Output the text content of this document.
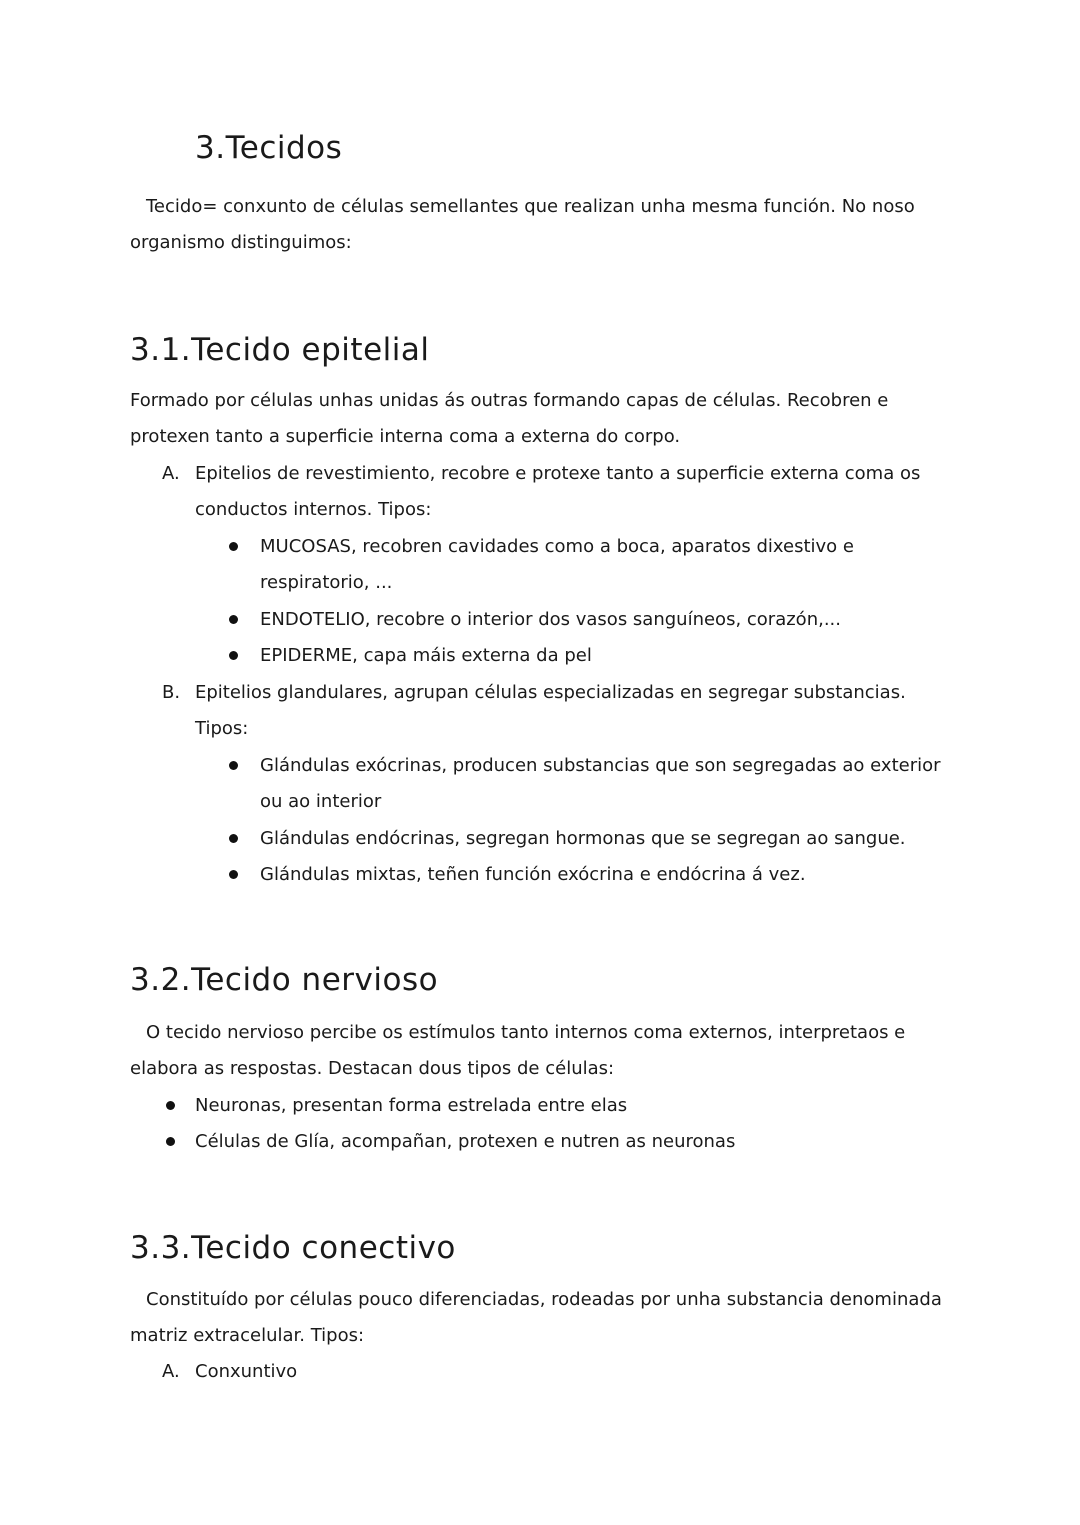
3.Tecidos
Tecido= conxunto de células semellantes que realizan unha mesma función. No noso
organismo distinguimos:
3.1.Tecido epitelial
Formado por células unhas unidas ás outras formando capas de células. Recobren e
protexen tanto a superficie interna coma a externa do corpo.
A. Epitelios de revestimiento, recobre e protexe tanto a superficie externa coma os
conductos internos. Tipos:
MUCOSAS, recobren cavidades como a boca, aparatos dixestivo e
respiratorio, ...
ENDOTELIO, recobre o interior dos vasos sanguíneos, corazón,...
EPIDERME, capa máis externa da pel
B. Epitelios glandulares, agrupan células especializadas en segregar substancias.
Tipos:
Glándulas exócrinas, producen substancias que son segregadas ao exterior
ou ao interior
Glándulas endócrinas, segregan hormonas que se segregan ao sangue.
Glándulas mixtas, teñen función exócrina e endócrina á vez.
3.2.Tecido nervioso
O tecido nervioso percibe os estímulos tanto internos coma externos, interpretaos e
elabora as respostas. Destacan dous tipos de células:
Neuronas, presentan forma estrelada entre elas
Células de Glía, acompañan, protexen e nutren as neuronas
3.3.Tecido conectivo
Constituído por células pouco diferenciadas, rodeadas por unha substancia denominada
matriz extracelular. Tipos:
A. Conxuntivo
